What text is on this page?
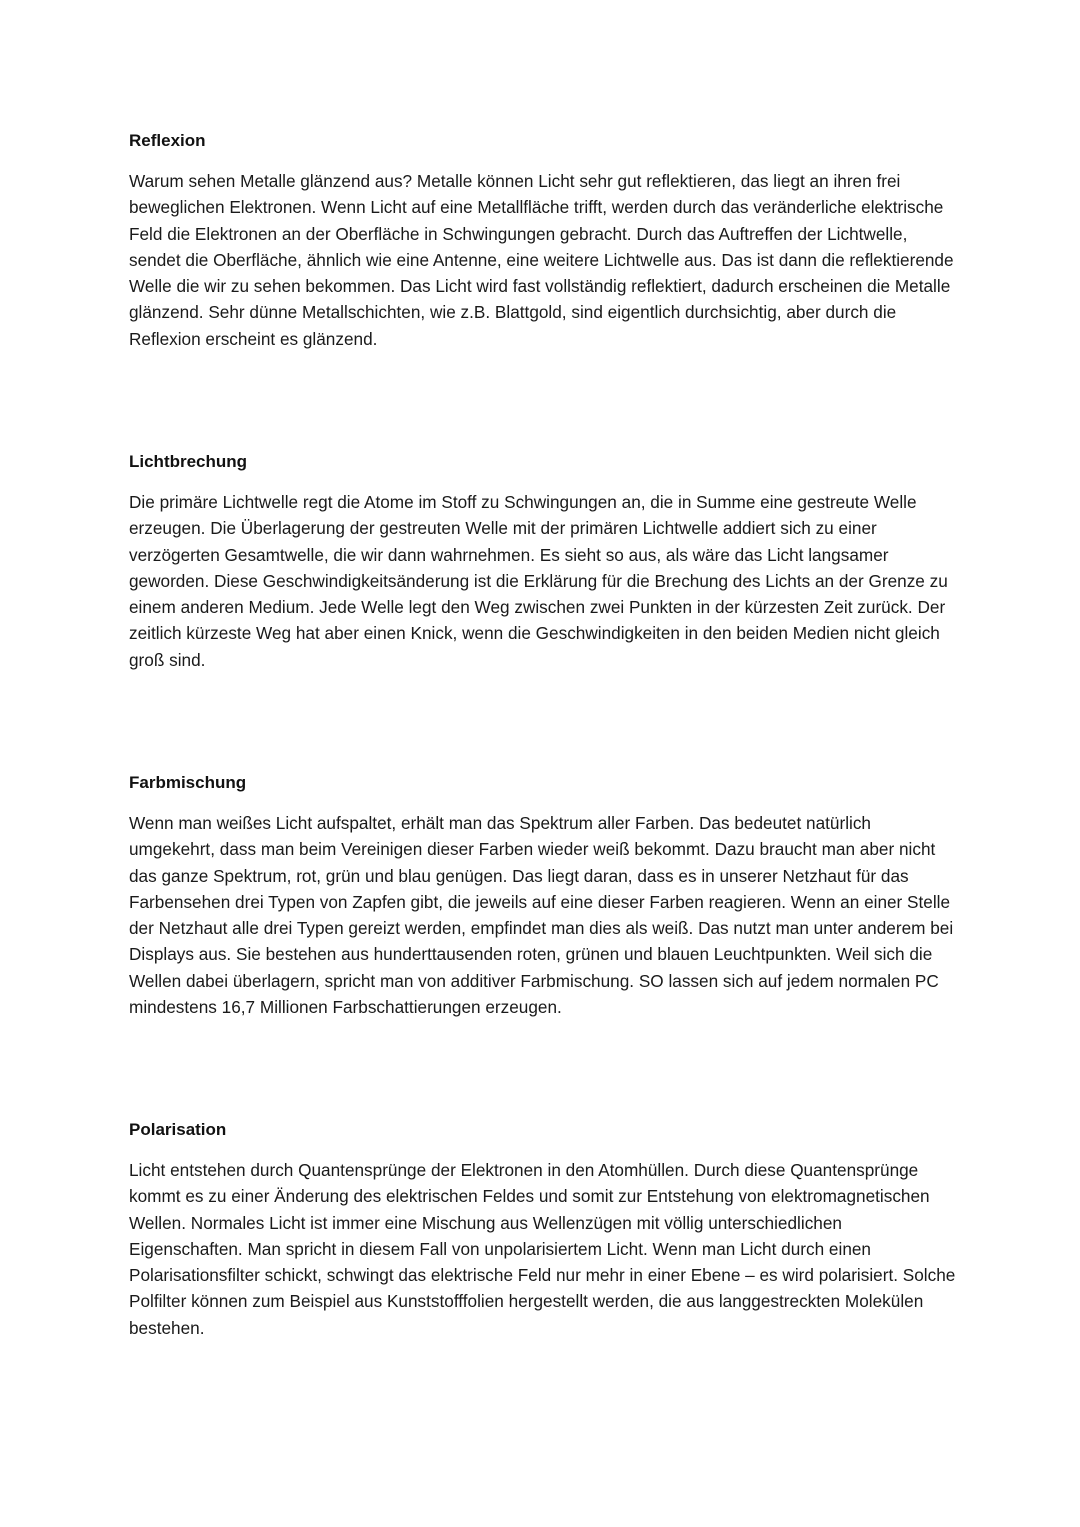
Reflexion

Warum sehen Metalle glänzend aus? Metalle können Licht sehr gut reflektieren, das liegt an ihren frei beweglichen Elektronen. Wenn Licht auf eine Metallfläche trifft, werden durch das veränderliche elektrische Feld die Elektronen an der Oberfläche in Schwingungen gebracht. Durch das Auftreffen der Lichtwelle, sendet die Oberfläche, ähnlich wie eine Antenne, eine weitere Lichtwelle aus. Das ist dann die reflektierende Welle die wir zu sehen bekommen. Das Licht wird fast vollständig reflektiert, dadurch erscheinen die Metalle glänzend. Sehr dünne Metallschichten, wie z.B. Blattgold, sind eigentlich durchsichtig, aber durch die Reflexion erscheint es glänzend.

Lichtbrechung

Die primäre Lichtwelle regt die Atome im Stoff zu Schwingungen an, die in Summe eine gestreute Welle erzeugen. Die Überlagerung der gestreuten Welle mit der primären Lichtwelle addiert sich zu einer verzögerten Gesamtwelle, die wir dann wahrnehmen. Es sieht so aus, als wäre das Licht langsamer geworden. Diese Geschwindigkeitsänderung ist die Erklärung für die Brechung des Lichts an der Grenze zu einem anderen Medium. Jede Welle legt den Weg zwischen zwei Punkten in der kürzesten Zeit zurück. Der zeitlich kürzeste Weg hat aber einen Knick, wenn die Geschwindigkeiten in den beiden Medien nicht gleich groß sind.

Farbmischung

Wenn man weißes Licht aufspaltet, erhält man das Spektrum aller Farben. Das bedeutet natürlich umgekehrt, dass man beim Vereinigen dieser Farben wieder weiß bekommt. Dazu braucht man aber nicht das ganze Spektrum, rot, grün und blau genügen. Das liegt daran, dass es in unserer Netzhaut für das Farbensehen drei Typen von Zapfen gibt, die jeweils auf eine dieser Farben reagieren. Wenn an einer Stelle der Netzhaut alle drei Typen gereizt werden, empfindet man dies als weiß. Das nutzt man unter anderem bei Displays aus. Sie bestehen aus hunderttausenden roten, grünen und blauen Leuchtpunkten. Weil sich die Wellen dabei überlagern, spricht man von additiver Farbmischung. SO lassen sich auf jedem normalen PC mindestens 16,7 Millionen Farbschattierungen erzeugen.

Polarisation

Licht entstehen durch Quantensprünge der Elektronen in den Atomhüllen. Durch diese Quantensprünge kommt es zu einer Änderung des elektrischen Feldes und somit zur Entstehung von elektromagnetischen Wellen. Normales Licht ist immer eine Mischung aus Wellenzügen mit völlig unterschiedlichen Eigenschaften. Man spricht in diesem Fall von unpolarisiertem Licht. Wenn man Licht durch einen Polarisationsfilter schickt, schwingt das elektrische Feld nur mehr in einer Ebene – es wird polarisiert. Solche Polfilter können zum Beispiel aus Kunststofffolien hergestellt werden, die aus langgestreckten Molekülen bestehen.
